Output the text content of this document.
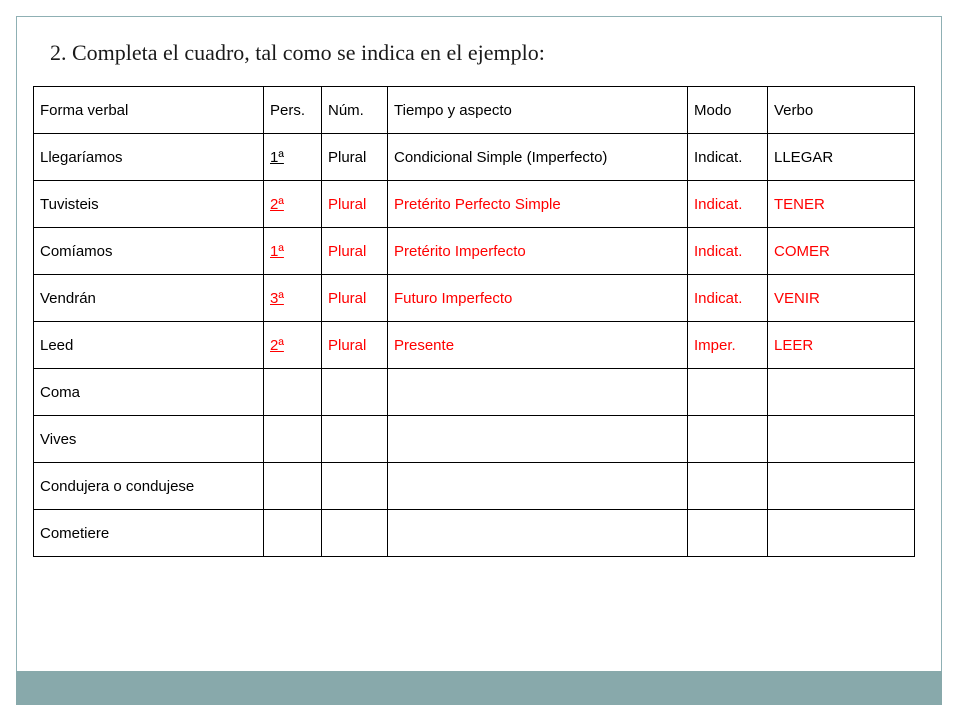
2. Completa el cuadro, tal como se indica en el ejemplo:
Forma verbal	Pers.	Núm.	Tiempo y aspecto	Modo	Verbo
Llegaríamos	1ª	Plural	Condicional Simple (Imperfecto)	Indicat.	LLEGAR
Tuvisteis	2ª	Plural	Pretérito Perfecto Simple	Indicat.	TENER
Comíamos	1ª	Plural	Pretérito Imperfecto	Indicat.	COMER
Vendrán	3ª	Plural	Futuro Imperfecto	Indicat.	VENIR
Leed	2ª	Plural	Presente	Imper.	LEER
Coma					
Vives					
Condujera o condujese					
Cometiere					
